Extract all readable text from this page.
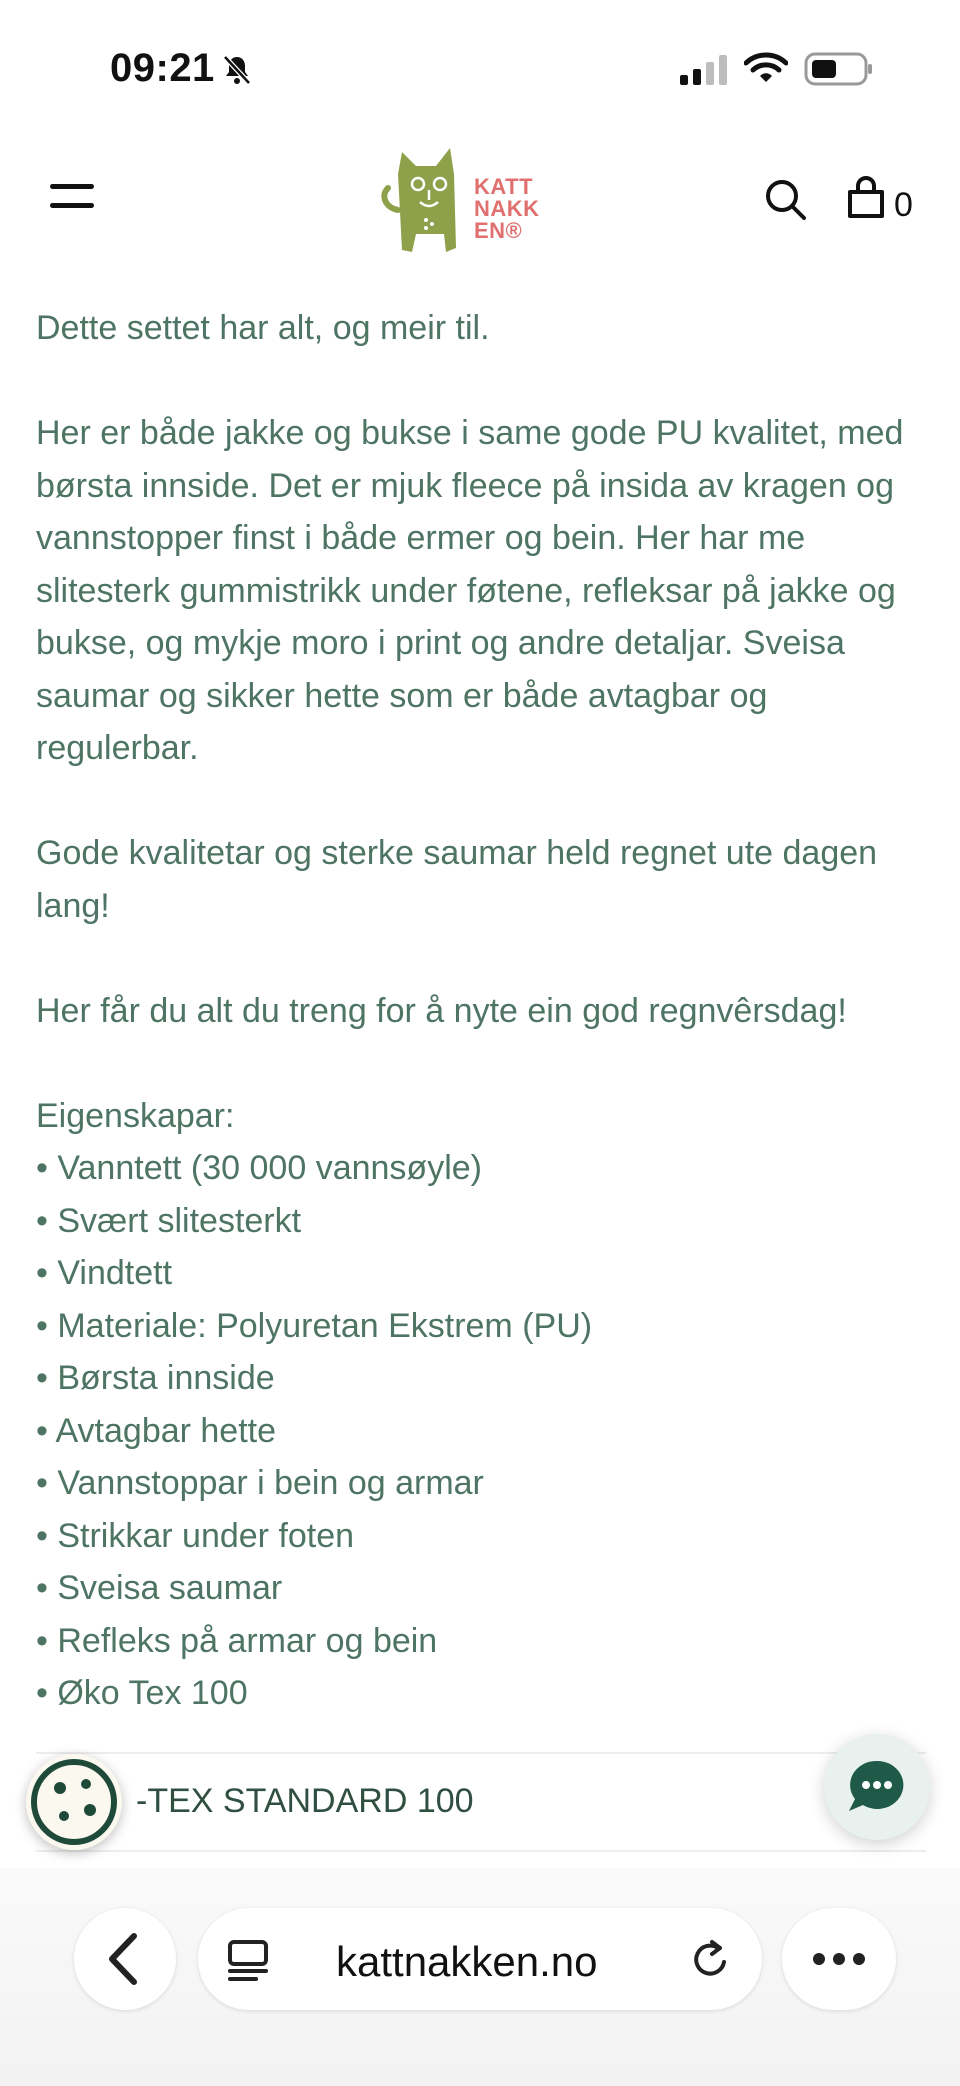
09:21
KATT
NAKK
EN®
0

Dette settet har alt, og meir til.

Her er både jakke og bukse i same gode PU kvalitet, med børsta innside. Det er mjuk fleece på insida av kragen og vannstopper finst i både ermer og bein. Her har me slitesterk gummistrikk under føtene, refleksar på jakke og bukse, og mykje moro i print og andre detaljar. Sveisa saumar og sikker hette som er både avtagbar og regulerbar.

Gode kvalitetar og sterke saumar held regnet ute dagen lang!

Her får du alt du treng for å nyte ein god regnvêrsdag!

Eigenskapar:
• Vanntett (30 000 vannsøyle)
• Svært slitesterkt
• Vindtett
• Materiale: Polyuretan Ekstrem (PU)
• Børsta innside
• Avtagbar hette
• Vannstoppar i bein og armar
• Strikkar under foten
• Sveisa saumar
• Refleks på armar og bein
• Øko Tex 100
-TEX STANDARD 100
kattnakken.no
